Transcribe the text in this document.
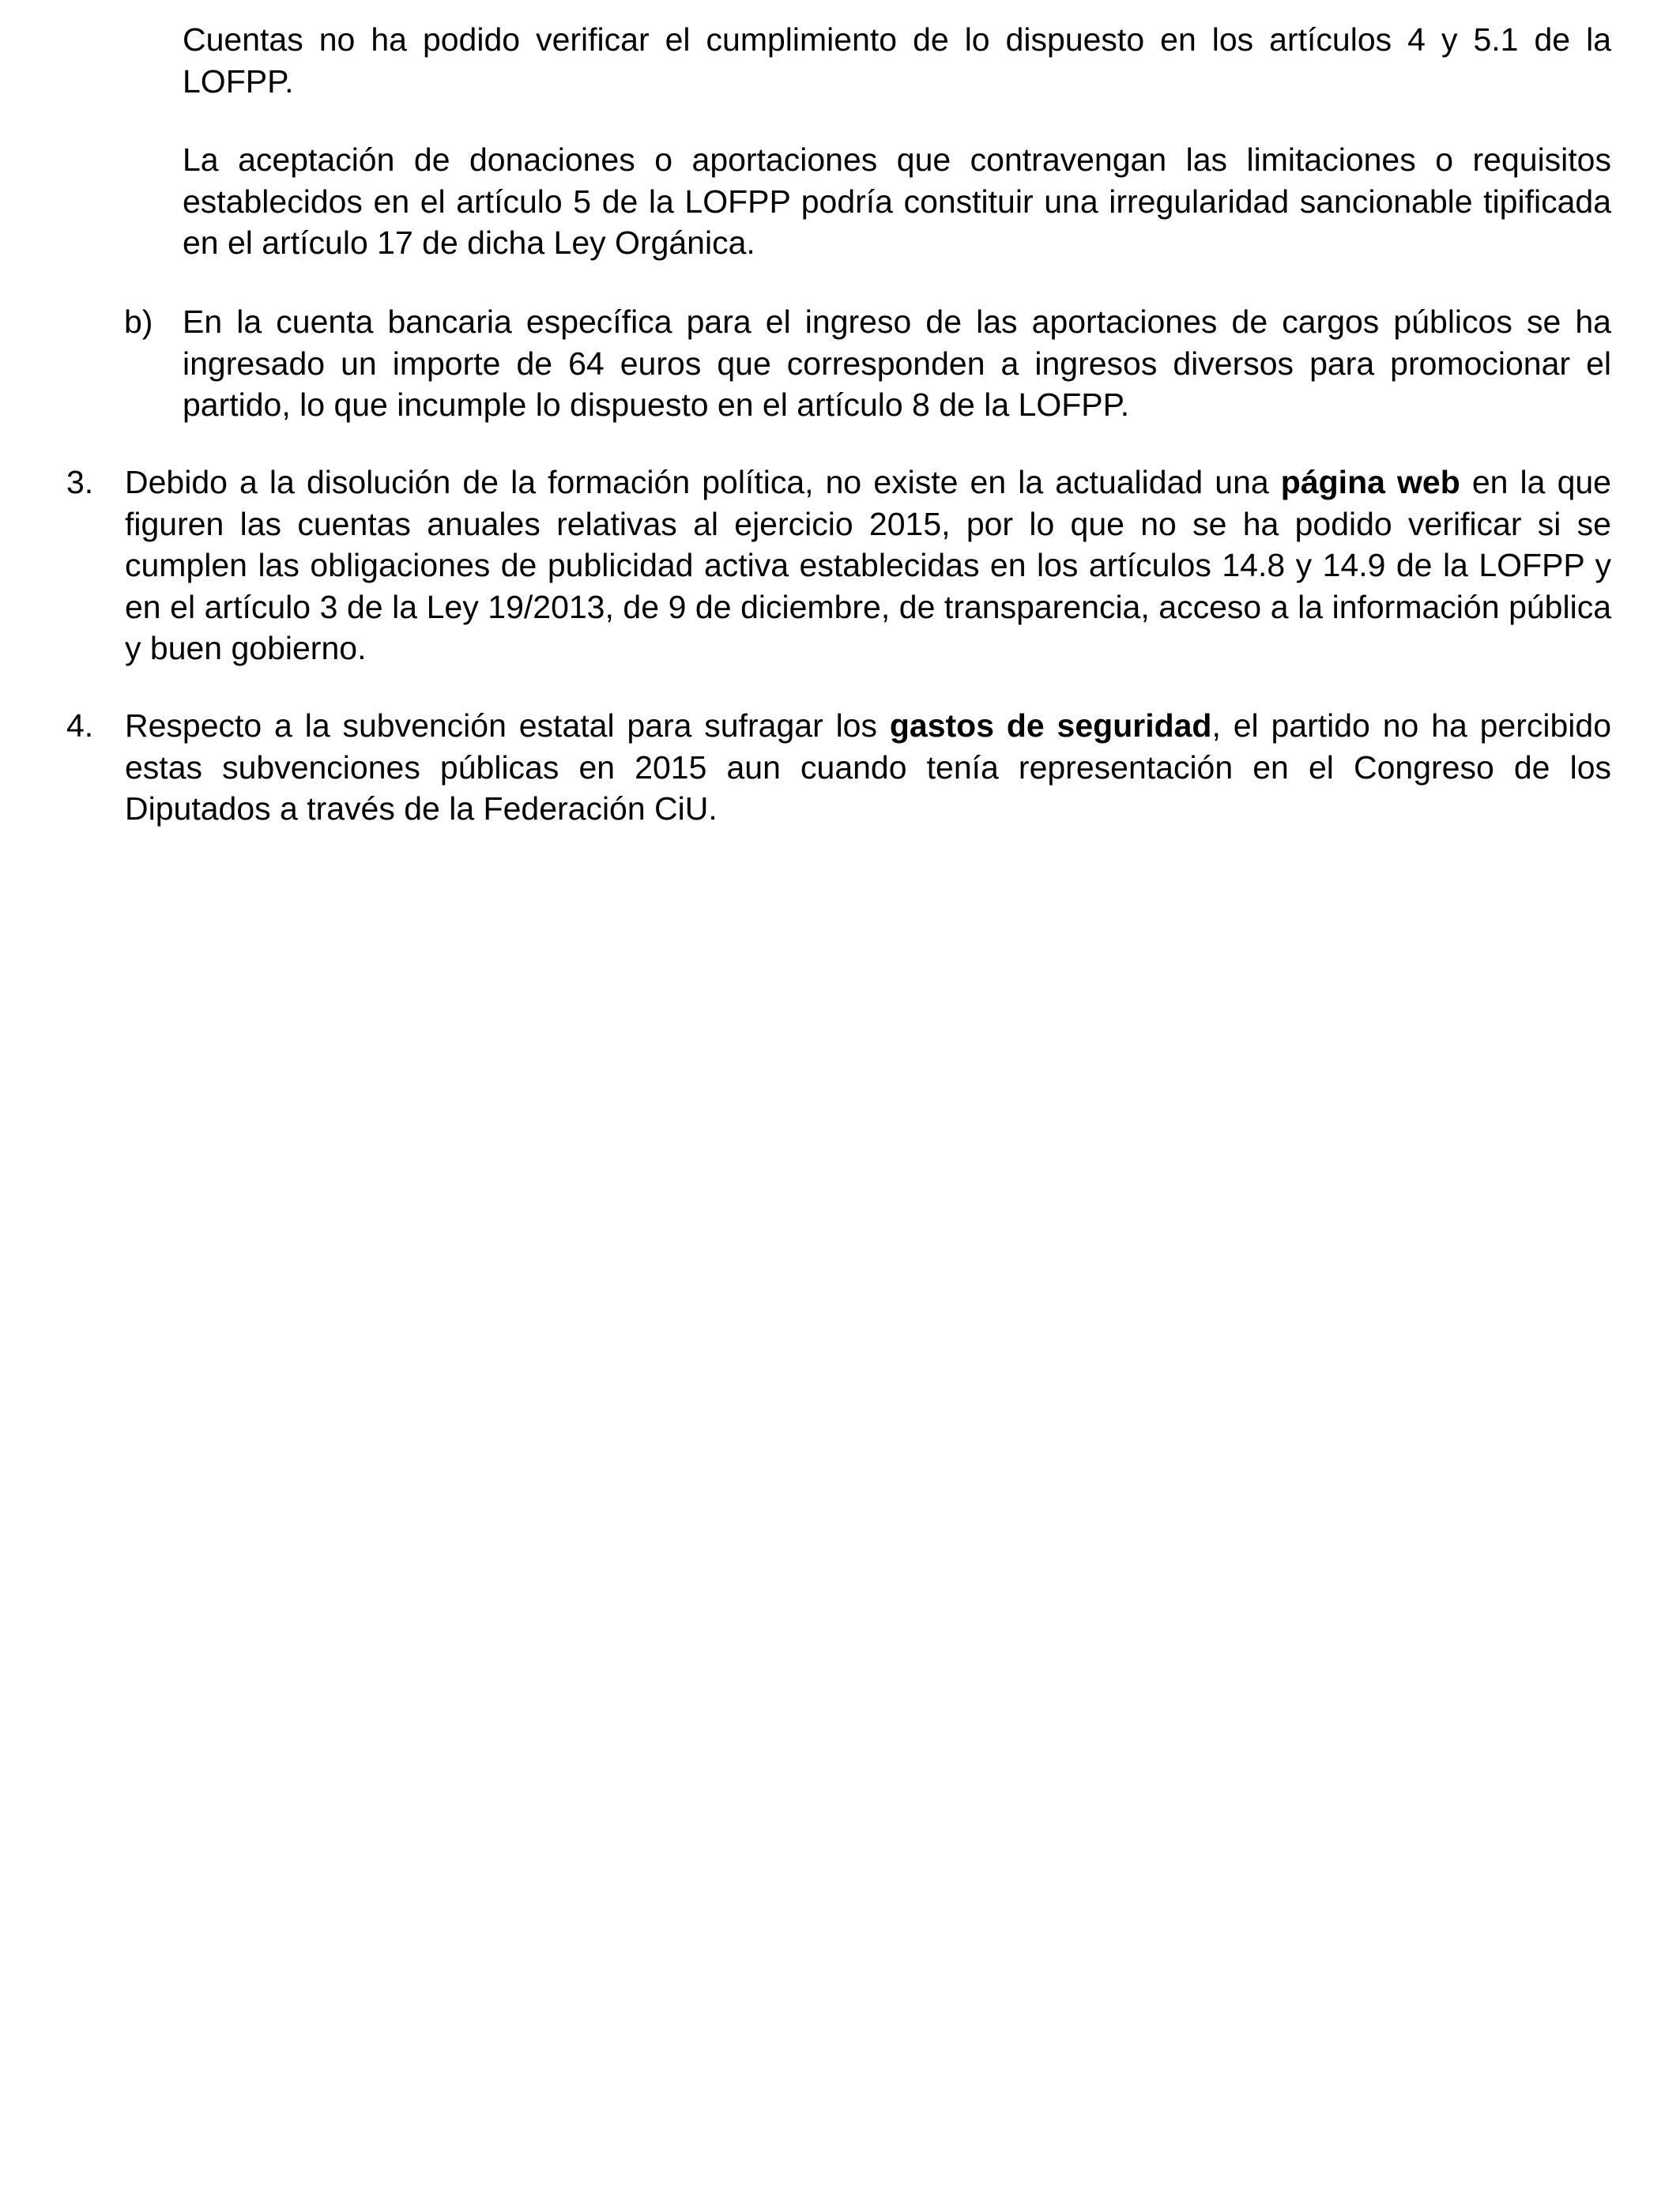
Cuentas no ha podido verificar el cumplimiento de lo dispuesto en los artículos 4 y 5.1 de la LOFPP.

La aceptación de donaciones o aportaciones que contravengan las limitaciones o requisitos establecidos en el artículo 5 de la LOFPP podría constituir una irregularidad sancionable tipificada en el artículo 17 de dicha Ley Orgánica.

b) En la cuenta bancaria específica para el ingreso de las aportaciones de cargos públicos se ha ingresado un importe de 64 euros que corresponden a ingresos diversos para promocionar el partido, lo que incumple lo dispuesto en el artículo 8 de la LOFPP.

3. Debido a la disolución de la formación política, no existe en la actualidad una página web en la que figuren las cuentas anuales relativas al ejercicio 2015, por lo que no se ha podido verificar si se cumplen las obligaciones de publicidad activa establecidas en los artículos 14.8 y 14.9 de la LOFPP y en el artículo 3 de la Ley 19/2013, de 9 de diciembre, de transparencia, acceso a la información pública y buen gobierno.

4. Respecto a la subvención estatal para sufragar los gastos de seguridad, el partido no ha percibido estas subvenciones públicas en 2015 aun cuando tenía representación en el Congreso de los Diputados a través de la Federación CiU.
